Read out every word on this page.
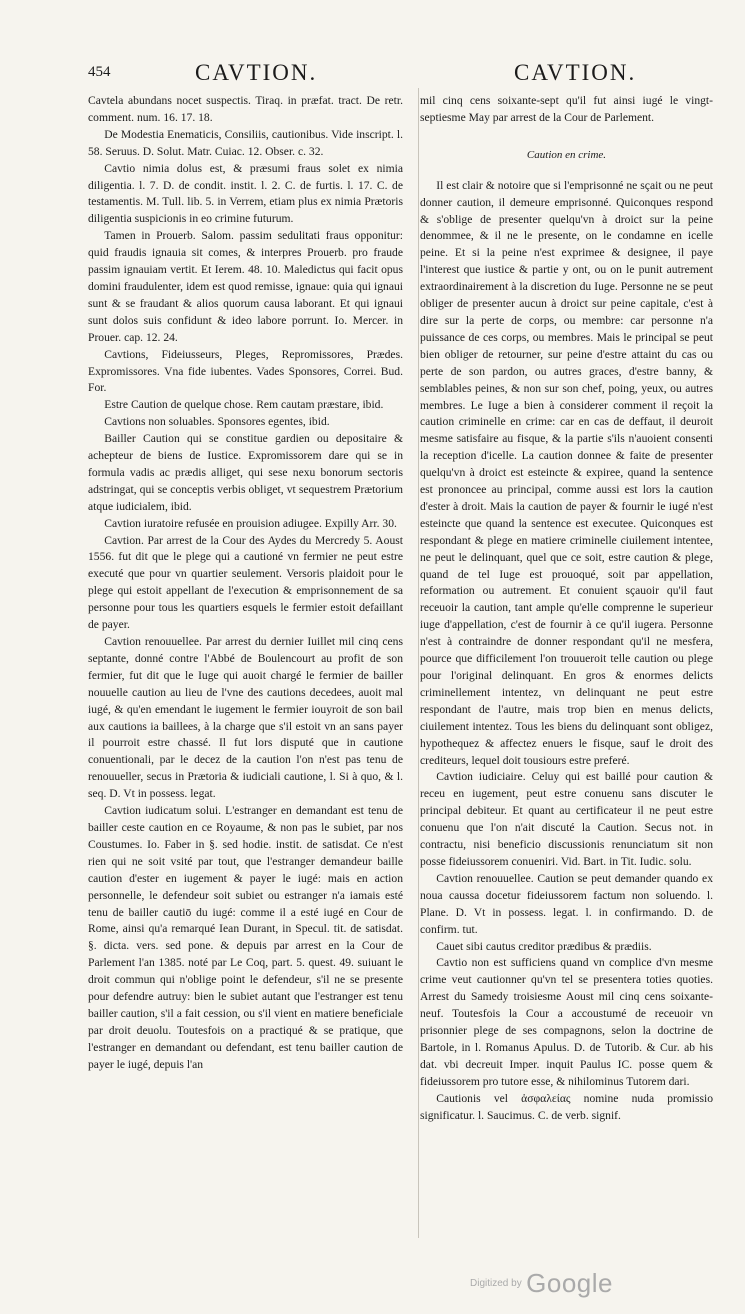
454	CAVTION.	CAVTION.

Cavtela abundans nocet suspectis. Tiraq. in præfat. tract. De retr. comment. num. 16. 17. 18.

De Modestia Enematicis, Consiliis, cautionibus. Vide inscript. l. 58. Seruus. D. Solut. Matr. Cuiac. 12. Obser. c. 32.

Cavtio nimia dolus est, & præsumi fraus solet ex nimia diligentia. l. 7. D. de condit. instit. l. 2. C. de furtis. l. 17. C. de testamentis. M. Tull. lib. 5. in Verrem, etiam plus ex nimia Prætoris diligentia suspicionis in eo crimine futurum.

Tamen in Prouerb. Salom. passim sedulitati fraus opponitur: quid fraudis ignauia sit comes, & interpres Prouerb. pro fraude passim ignauiam vertit. Et Ierem. 48. 10. Maledictus qui facit opus domini fraudulenter, idem est quod remisse, ignaue: quia qui ignaui sunt & se fraudant & alios quorum causa laborant. Et qui ignaui sunt dolos suis confidunt & ideo labore porrunt. Io. Mercer. in Prouer. cap. 12. 24.

Cavtions, Fideiusseurs, Pleges, Repromissores, Prædes. Expromissores. Vna fide iubentes. Vades Sponsores, Correi. Bud. For.

Estre Caution de quelque chose. Rem cautam præstare, ibid.

Cavtions non soluables. Sponsores egentes, ibid.

Bailler Caution qui se constitue gardien ou depositaire & achepteur de biens de Iustice. Expromissorem dare qui se in formula vadis ac prædis alliget, qui sese nexu bonorum sectoris adstringat, qui se conceptis verbis obliget, vt sequestrem Prætorium atque iudicialem, ibid.

Cavtion iuratoire refusée en prouision adiugee. Expilly Arr. 30.

Cavtion. Par arrest de la Cour des Aydes du Mercredy 5. Aoust 1556. fut dit que le plege qui a cautioné vn fermier ne peut estre executé que pour vn quartier seulement. Versoris plaidoit pour le plege qui estoit appellant de l'execution & emprisonnement de sa personne pour tous les quartiers esquels le fermier estoit defaillant de payer.

Cavtion renouuellee. Par arrest du dernier Iuillet mil cinq cens septante, donné contre l'Abbé de Boulencourt au profit de son fermier, fut dit que le Iuge qui auoit chargé le fermier de bailler nouuelle caution au lieu de l'vne des cautions decedees, auoit mal iugé, & qu'en emendant le iugement le fermier iouyroit de son bail aux cautions ia baillees, à la charge que s'il estoit vn an sans payer il pourroit estre chassé. Il fut lors disputé que in cautione conuentionali, par le decez de la caution l'on n'est pas tenu de renouueller, secus in Prætoria & iudiciali cautione, l. Si à quo, & l. seq. D. Vt in possess. legat.

Cavtion iudicatum solui. L'estranger en demandant est tenu de bailler ceste caution en ce Royaume, & non pas le subiet, par nos Coustumes. Io. Faber in §. sed hodie. instit. de satisdat. Ce n'est rien qui ne soit vsité par tout, que l'estranger demandeur baille caution d'ester en iugement & payer le iugé: mais en action personnelle, le defendeur soit subiet ou estranger n'a iamais esté tenu de bailler cautiō du iugé: comme il a esté iugé en Cour de Rome, ainsi qu'a remarqué Iean Durant, in Specul. tit. de satisdat. §. dicta. vers. sed pone. & depuis par arrest en la Cour de Parlement l'an 1385. noté par Le Coq, part. 5. quest. 49. suiuant le droit commun qui n'oblige point le defendeur, s'il ne se presente pour defendre autruy: bien le subiet autant que l'estranger est tenu bailler caution, s'il a fait cession, ou s'il vient en matiere beneficiale par droit deuolu. Toutesfois on a practiqué & se pratique, que l'estranger en demandant ou defendant, est tenu bailler caution de payer le iugé, depuis l'an

mil cinq cens soixante-sept qu'il fut ainsi iugé le vingt-septiesme May par arrest de la Cour de Parlement.

Caution en crime.

Il est clair & notoire que si l'emprisonné ne sçait ou ne peut donner caution, il demeure emprisonné. Quiconques respond & s'oblige de presenter quelqu'vn à droict sur la peine denommee, & il ne le presente, on le condamne en icelle peine. Et si la peine n'est exprimee & designee, il paye l'interest que iustice & partie y ont, ou on le punit autrement extraordinairement à la discretion du Iuge. Personne ne se peut obliger de presenter aucun à droict sur peine capitale, c'est à dire sur la perte de corps, ou membre: car personne n'a puissance de ces corps, ou membres. Mais le principal se peut bien obliger de retourner, sur peine d'estre attaint du cas ou perte de son pardon, ou autres graces, d'estre banny, & semblables peines, & non sur son chef, poing, yeux, ou autres membres. Le Iuge a bien à considerer comment il reçoit la caution criminelle en crime: car en cas de deffaut, il deuroit mesme satisfaire au fisque, & la partie s'ils n'auoient consenti la reception d'icelle. La caution donnee & faite de presenter quelqu'vn à droict est esteincte & expiree, quand la sentence est prononcee au principal, comme aussi est lors la caution d'ester à droit. Mais la caution de payer & fournir le iugé n'est esteincte que quand la sentence est executee. Quiconques est respondant & plege en matiere criminelle ciuilement intentee, ne peut le delinquant, quel que ce soit, estre caution & plege, quand de tel Iuge est prouoqué, soit par appellation, reformation ou autrement. Et conuient sçauoir qu'il faut receuoir la caution, tant ample qu'elle comprenne le superieur iuge d'appellation, c'est de fournir à ce qu'il iugera. Personne n'est à contraindre de donner respondant qu'il ne mesfera, pource que difficilement l'on trouueroit telle caution ou plege pour l'original delinquant. En gros & enormes delicts criminellement intentez, vn delinquant ne peut estre respondant de l'autre, mais trop bien en menus delicts, ciuilement intentez. Tous les biens du delinquant sont obligez, hypothequez & affectez enuers le fisque, sauf le droit des crediteurs, lequel doit tousiours estre preferé.

Cavtion iudiciaire. Celuy qui est baillé pour caution & receu en iugement, peut estre conuenu sans discuter le principal debiteur. Et quant au certificateur il ne peut estre conuenu que l'on n'ait discuté la Caution. Secus not. in contractu, nisi beneficio discussionis renunciatum sit non posse fideiussorem conueniri. Vid. Bart. in Tit. Iudic. solu.

Cavtion renouuellee. Caution se peut demander quando ex noua caussa docetur fideiussorem factum non soluendo. l. Plane. D. Vt in possess. legat. l. in confirmando. D. de confirm. tut.

Cauet sibi cautus creditor prædibus & prædiis.

Cavtio non est sufficiens quand vn complice d'vn mesme crime veut cautionner qu'vn tel se presentera toties quoties. Arrest du Samedy troisiesme Aoust mil cinq cens soixante-neuf. Toutesfois la Cour a accoustumé de receuoir vn prisonnier plege de ses compagnons, selon la doctrine de Bartole, in l. Romanus Apulus. D. de Tutorib. & Cur. ab his dat. vbi decreuit Imper. inquit Paulus IC. posse quem & fideiussorem pro tutore esse, & nihilominus Tutorem dari.

Cautionis vel ἀσφαλείας nomine nuda promissio significatur. l. Saucimus. C. de verb. signif.

Digitized by Google
